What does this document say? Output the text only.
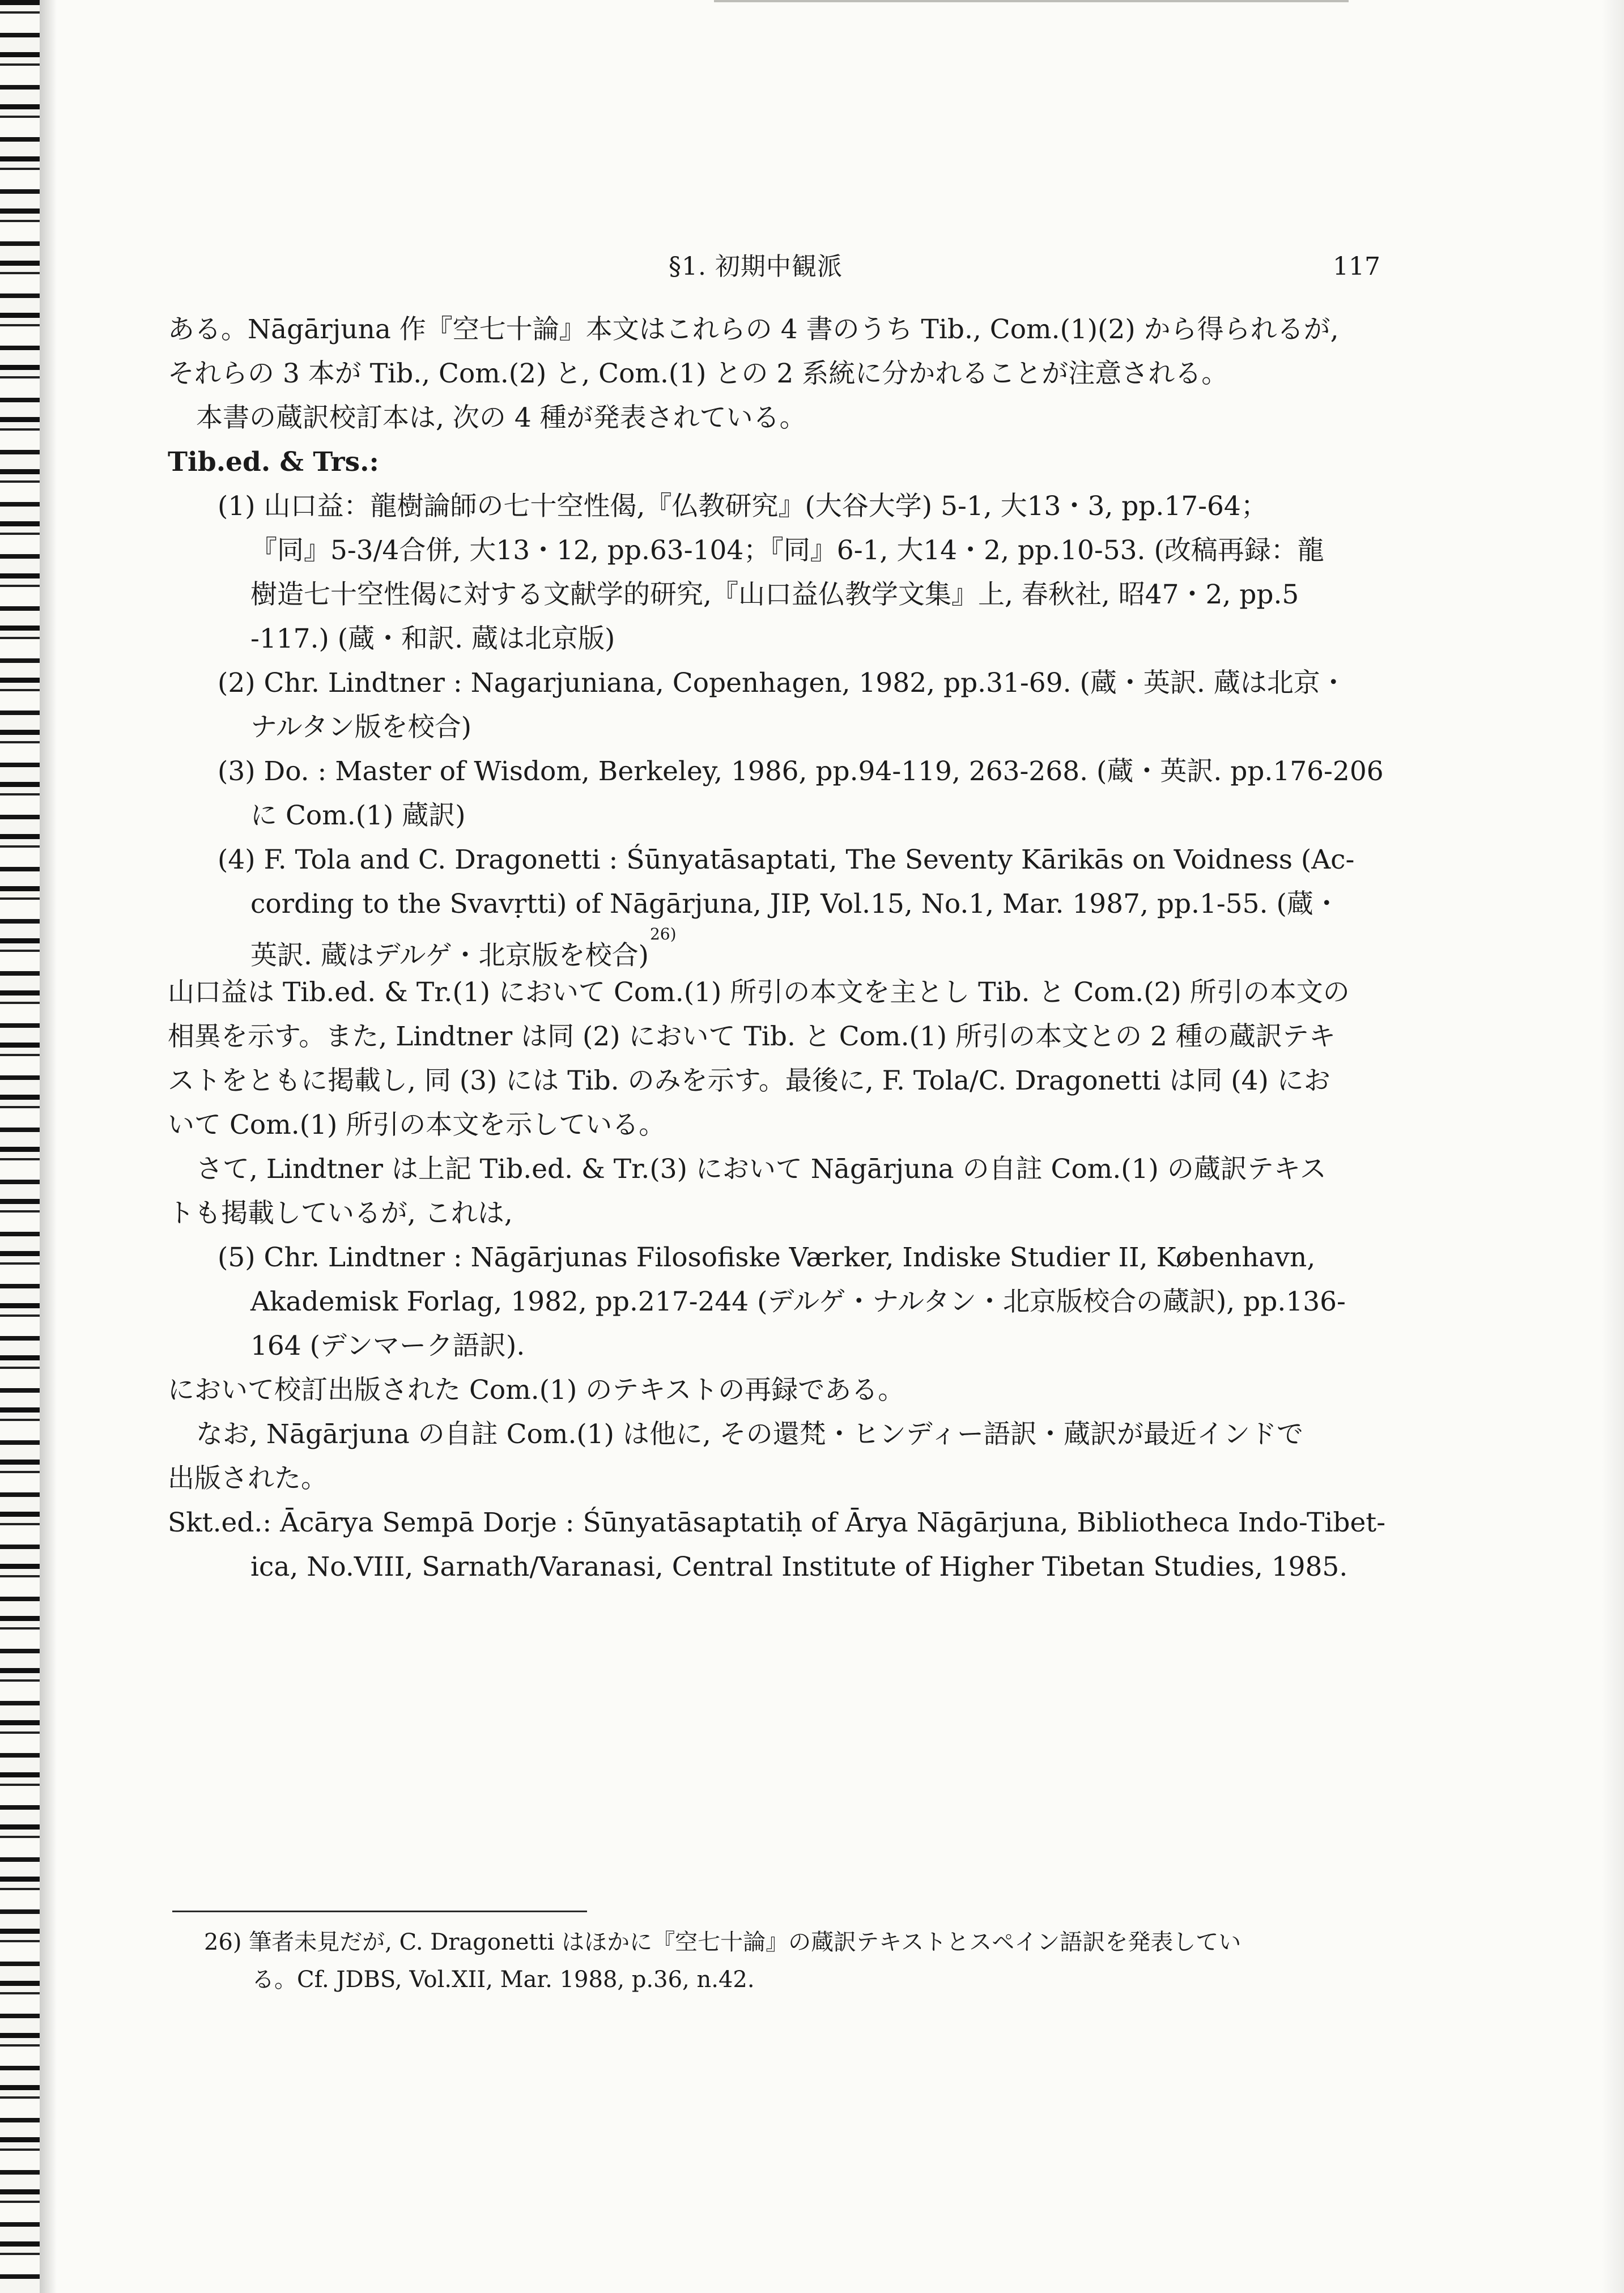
§1. 初期中観派	117
ある。Nāgārjuna 作『空七十論』本文はこれらの 4 書のうち Tib., Com.(1)(2) から得られるが,
それらの 3 本が Tib., Com.(2) と, Com.(1) との 2 系統に分かれることが注意される。
本書の蔵訳校訂本は, 次の 4 種が発表されている。
Tib.ed. & Trs.:
(1) 山口益：龍樹論師の七十空性偈,『仏教研究』(大谷大学) 5-1, 大13・3, pp.17-64；
『同』5-3/4合併, 大13・12, pp.63-104；『同』6-1, 大14・2, pp.10-53. (改稿再録：龍
樹造七十空性偈に対する文献学的研究,『山口益仏教学文集』上, 春秋社, 昭47・2, pp.5
-117.) (蔵・和訳. 蔵は北京版)
(2) Chr. Lindtner : Nagarjuniana, Copenhagen, 1982, pp.31-69. (蔵・英訳. 蔵は北京・
ナルタン版を校合)
(3) Do. : Master of Wisdom, Berkeley, 1986, pp.94-119, 263-268. (蔵・英訳. pp.176-206
に Com.(1) 蔵訳)
(4) F. Tola and C. Dragonetti : Śūnyatāsaptati, The Seventy Kārikās on Voidness (Ac-
cording to the Svavṛtti) of Nāgārjuna, JIP, Vol.15, No.1, Mar. 1987, pp.1-55. (蔵・
英訳. 蔵はデルゲ・北京版を校合)26)
山口益は Tib.ed. & Tr.(1) において Com.(1) 所引の本文を主とし Tib. と Com.(2) 所引の本文の
相異を示す。また, Lindtner は同 (2) において Tib. と Com.(1) 所引の本文との 2 種の蔵訳テキ
ストをともに掲載し, 同 (3) には Tib. のみを示す。最後に, F. Tola/C. Dragonetti は同 (4) にお
いて Com.(1) 所引の本文を示している。
さて, Lindtner は上記 Tib.ed. & Tr.(3) において Nāgārjuna の自註 Com.(1) の蔵訳テキス
トも掲載しているが, これは,
(5) Chr. Lindtner : Nāgārjunas Filosofiske Værker, Indiske Studier II, København,
Akademisk Forlag, 1982, pp.217-244 (デルゲ・ナルタン・北京版校合の蔵訳), pp.136-
164 (デンマーク語訳).
において校訂出版された Com.(1) のテキストの再録である。
なお, Nāgārjuna の自註 Com.(1) は他に, その還梵・ヒンディー語訳・蔵訳が最近インドで
出版された。
Skt.ed.: Ācārya Sempā Dorje : Śūnyatāsaptatiḥ of Ārya Nāgārjuna, Bibliotheca Indo-Tibet-
ica, No.VIII, Sarnath/Varanasi, Central Institute of Higher Tibetan Studies, 1985.
26) 筆者未見だが, C. Dragonetti はほかに『空七十論』の蔵訳テキストとスペイン語訳を発表してい
る。Cf. JDBS, Vol.XII, Mar. 1988, p.36, n.42.
